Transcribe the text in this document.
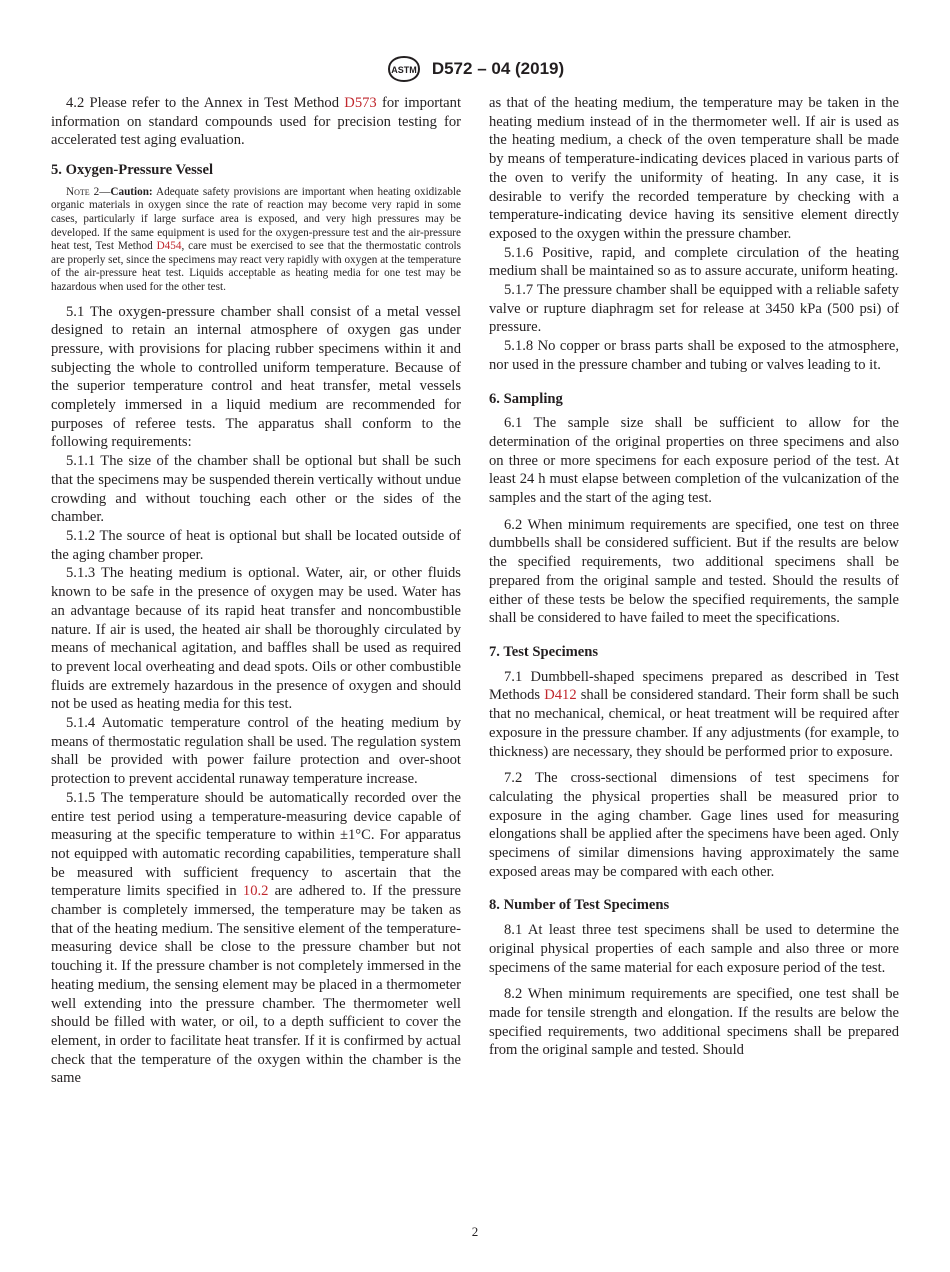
ASTM D572 – 04 (2019)

4.2 Please refer to the Annex in Test Method D573 for important information on standard compounds used for precision testing for accelerated test aging evaluation.

5. Oxygen-Pressure Vessel
Note 2—Caution: Adequate safety provisions are important when heating oxidizable organic materials in oxygen since the rate of reaction may become very rapid in some cases, particularly if large surface area is exposed, and very high pressures may be developed. If the same equipment is used for the oxygen-pressure test and the air-pressure heat test, Test Method D454, care must be exercised to see that the thermostatic controls are properly set, since the specimens may react very rapidly with oxygen at the temperature of the air-pressure heat test. Liquids acceptable as heating media for one test may be hazardous when used for the other test.

5.1 The oxygen-pressure chamber shall consist of a metal vessel designed to retain an internal atmosphere of oxygen gas under pressure, with provisions for placing rubber specimens within it and subjecting the whole to controlled uniform temperature. Because of the superior temperature control and heat transfer, metal vessels completely immersed in a liquid medium are recommended for purposes of referee tests. The apparatus shall conform to the following requirements:

5.1.1 The size of the chamber shall be optional but shall be such that the specimens may be suspended therein vertically without undue crowding and without touching each other or the sides of the chamber.

5.1.2 The source of heat is optional but shall be located outside of the aging chamber proper.

5.1.3 The heating medium is optional. Water, air, or other fluids known to be safe in the presence of oxygen may be used. Water has an advantage because of its rapid heat transfer and noncombustible nature. If air is used, the heated air shall be thoroughly circulated by means of mechanical agitation, and baffles shall be used as required to prevent local overheating and dead spots. Oils or other combustible fluids are extremely hazardous in the presence of oxygen and should not be used as heating media for this test.

5.1.4 Automatic temperature control of the heating medium by means of thermostatic regulation shall be used. The regulation system shall be provided with power failure protection and over-shoot protection to prevent accidental runaway temperature increase.

5.1.5 The temperature should be automatically recorded over the entire test period using a temperature-measuring device capable of measuring at the specific temperature to within ±1°C. For apparatus not equipped with automatic recording capabilities, temperature shall be measured with sufficient frequency to ascertain that the temperature limits specified in 10.2 are adhered to. If the pressure chamber is completely immersed, the temperature may be taken as that of the heating medium. The sensitive element of the temperature-measuring device shall be close to the pressure chamber but not touching it. If the pressure chamber is not completely immersed in the heating medium, the sensing element may be placed in a thermometer well extending into the pressure chamber. The thermometer well should be filled with water, or oil, to a depth sufficient to cover the element, in order to facilitate heat transfer. If it is confirmed by actual check that the temperature of the oxygen within the chamber is the same

as that of the heating medium, the temperature may be taken in the heating medium instead of in the thermometer well. If air is used as the heating medium, a check of the oven temperature shall be made by means of temperature-indicating devices placed in various parts of the oven to verify the uniformity of heating. In any case, it is desirable to verify the recorded temperature by checking with a temperature-indicating device having its sensitive element directly exposed to the oxygen within the pressure chamber.

5.1.6 Positive, rapid, and complete circulation of the heating medium shall be maintained so as to assure accurate, uniform heating.

5.1.7 The pressure chamber shall be equipped with a reliable safety valve or rupture diaphragm set for release at 3450 kPa (500 psi) of pressure.

5.1.8 No copper or brass parts shall be exposed to the atmosphere, nor used in the pressure chamber and tubing or valves leading to it.

6. Sampling

6.1 The sample size shall be sufficient to allow for the determination of the original properties on three specimens and also on three or more specimens for each exposure period of the test. At least 24 h must elapse between completion of the vulcanization of the samples and the start of the aging test.

6.2 When minimum requirements are specified, one test on three dumbbells shall be considered sufficient. But if the results are below the specified requirements, two additional specimens shall be prepared from the original sample and tested. Should the results of either of these tests be below the specified requirements, the sample shall be considered to have failed to meet the specifications.

7. Test Specimens

7.1 Dumbbell-shaped specimens prepared as described in Test Methods D412 shall be considered standard. Their form shall be such that no mechanical, chemical, or heat treatment will be required after exposure in the pressure chamber. If any adjustments (for example, to thickness) are necessary, they should be performed prior to exposure.

7.2 The cross-sectional dimensions of test specimens for calculating the physical properties shall be measured prior to exposure in the aging chamber. Gage lines used for measuring elongations shall be applied after the specimens have been aged. Only specimens of similar dimensions having approximately the same exposed areas may be compared with each other.

8. Number of Test Specimens

8.1 At least three test specimens shall be used to determine the original physical properties of each sample and also three or more specimens of the same material for each exposure period of the test.

8.2 When minimum requirements are specified, one test shall be made for tensile strength and elongation. If the results are below the specified requirements, two additional specimens shall be prepared from the original sample and tested. Should

2
